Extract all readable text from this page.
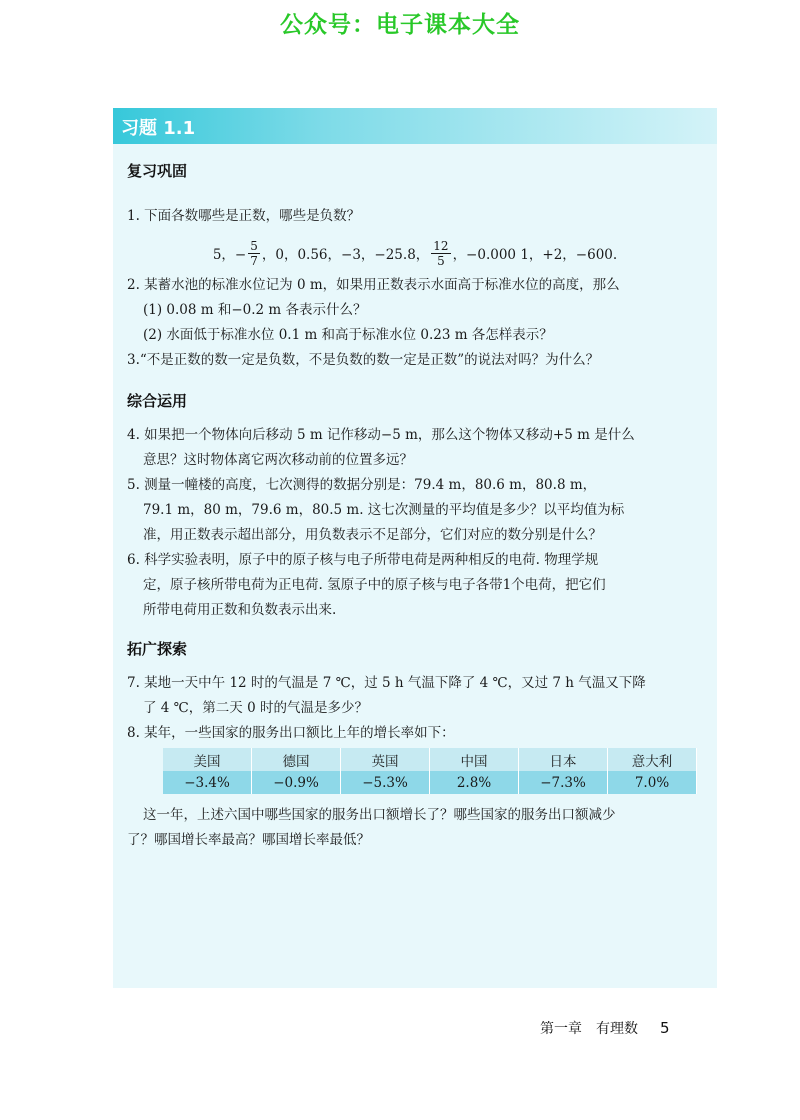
公众号：电子课本大全
习题 1.1
复习巩固
1. 下面各数哪些是正数，哪些是负数？
5，− $\frac{5}{7}$ ，0，0.56，−3，−25.8， $\frac{12}{5}$ ，−0.000 1，+2，−600.
2. 某蓄水池的标准水位记为 0 m，如果用正数表示水面高于标准水位的高度，那么
(1) 0.08 m 和−0.2 m 各表示什么？
(2) 水面低于标准水位 0.1 m 和高于标准水位 0.23 m 各怎样表示？
3.“不是正数的数一定是负数，不是负数的数一定是正数”的说法对吗？为什么？
综合运用
4. 如果把一个物体向后移动 5 m 记作移动−5 m，那么这个物体又移动+5 m 是什么
意思？这时物体离它两次移动前的位置多远？
5. 测量一幢楼的高度，七次测得的数据分别是：79.4 m，80.6 m，80.8 m，
79.1 m，80 m，79.6 m，80.5 m. 这七次测量的平均值是多少？以平均值为标
准，用正数表示超出部分，用负数表示不足部分，它们对应的数分别是什么？
6. 科学实验表明，原子中的原子核与电子所带电荷是两种相反的电荷. 物理学规
定，原子核所带电荷为正电荷. 氢原子中的原子核与电子各带1个电荷，把它们
所带电荷用正数和负数表示出来.
拓广探索
7. 某地一天中午 12 时的气温是 7 ℃，过 5 h 气温下降了 4 ℃，又过 7 h 气温又下降
了 4 ℃，第二天 0 时的气温是多少？
8. 某年，一些国家的服务出口额比上年的增长率如下：
美国	德国	英国	中国	日本	意大利
−3.4%	−0.9%	−5.3%	2.8%	−7.3%	7.0%
这一年，上述六国中哪些国家的服务出口额增长了？哪些国家的服务出口额减少
了？哪国增长率最高？哪国增长率最低？
第一章　有理数 5
